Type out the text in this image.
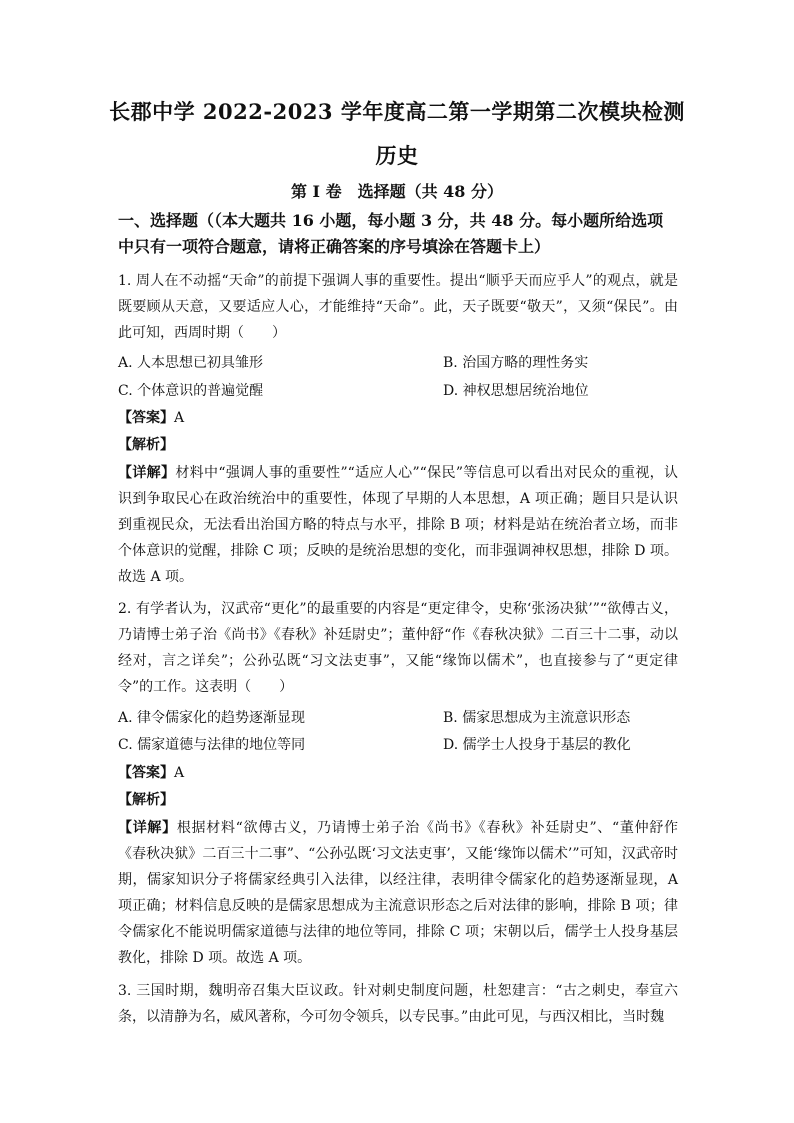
长郡中学 2022-2023 学年度高二第一学期第二次模块检测
历史
第 I 卷　选择题（共 48 分）
一、选择题（（本大题共 16 小题，每小题 3 分，共 48 分。每小题所给选项中只有一项符合题意，请将正确答案的序号填涂在答题卡上）
1. 周人在不动摇“天命”的前提下强调人事的重要性。提出“顺乎天而应乎人”的观点，就是既要顾从天意，又要适应人心，才能维持“天命”。此，天子既要“敬天”，又须“保民”。由此可知，西周时期（　　）
A. 人本思想已初具雏形	B. 治国方略的理性务实
C. 个体意识的普遍觉醒	D. 神权思想居统治地位
【答案】A
【解析】
【详解】材料中“强调人事的重要性”“适应人心”“保民”等信息可以看出对民众的重视，认识到争取民心在政治统治中的重要性，体现了早期的人本思想，A 项正确；题目只是认识到重视民众，无法看出治国方略的特点与水平，排除 B 项；材料是站在统治者立场，而非个体意识的觉醒，排除 C 项；反映的是统治思想的变化，而非强调神权思想，排除 D 项。故选 A 项。
2. 有学者认为，汉武帝“更化”的最重要的内容是“更定律令，史称‘张汤决狱’”“欲傅古义，乃请博士弟子治《尚书》《春秋》补廷尉史”；董仲舒“作《春秋决狱》二百三十二事，动以经对，言之详矣”；公孙弘既“习文法吏事”，又能“缘饰以儒术”，也直接参与了“更定律令”的工作。这表明（　　）
A. 律令儒家化的趋势逐渐显现	B. 儒家思想成为主流意识形态
C. 儒家道德与法律的地位等同	D. 儒学士人投身于基层的教化
【答案】A
【解析】
【详解】根据材料“欲傅古义，乃请博士弟子治《尚书》《春秋》补廷尉史”、“董仲舒作《春秋决狱》二百三十二事”、“公孙弘既‘习文法吏事’，又能‘缘饰以儒术’”可知，汉武帝时期，儒家知识分子将儒家经典引入法律，以经注律，表明律令儒家化的趋势逐渐显现，A 项正确；材料信息反映的是儒家思想成为主流意识形态之后对法律的影响，排除 B 项；律令儒家化不能说明儒家道德与法律的地位等同，排除 C 项；宋朝以后，儒学士人投身基层教化，排除 D 项。故选 A 项。
3. 三国时期，魏明帝召集大臣议政。针对刺史制度问题，杜恕建言：“古之刺史，奉宣六条，以清静为名，威风著称，今可勿令领兵，以专民事。”由此可见，与西汉相比，当时魏
